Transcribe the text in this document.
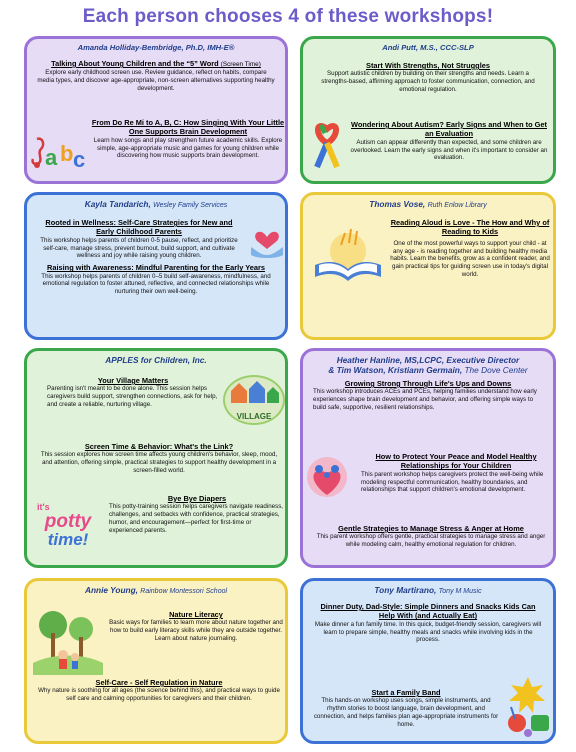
Each person chooses 4 of these workshops!
Amanda Holliday-Bembridge, Ph.D, IMH-E®
Talking About Young Children and the “5” Word (Screen Time)
Explore early childhood screen use. Review guidance, reflect on habits, compare media types, and discover age-appropriate, non-screen alternatives supporting healthy development.
From Do Re Mi to A, B, C: How Singing With Your Little One Supports Brain Development
Learn how songs and play strengthen future academic skills. Explore simple, age-appropriate music and games for young children while discovering how music supports brain development.
a b c
Andi Putt, M.S., CCC-SLP
Start With Strengths, Not Struggles
Support autistic children by building on their strengths and needs. Learn a strengths-based, affirming approach to foster communication, connection, and emotional regulation.
Wondering About Autism? Early Signs and When to Get an Evaluation
Autism can appear differently than expected, and some children are overlooked. Learn the early signs and when it's important to consider an evaluation.
Kayla Tandarich, Wesley Family Services
Rooted in Wellness: Self-Care Strategies for New and Early Childhood Parents
This workshop helps parents of children 0-5 pause, reflect, and prioritize self-care, manage stress, prevent burnout, build support, and cultivate wellness and joy while raising young children.
Raising with Awareness: Mindful Parenting for the Early Years
This workshop helps parents of children 0–5 build self-awareness, mindfulness, and emotional regulation to foster attuned, reflective, and connected relationships while nurturing their own well-being.
Thomas Vose, Ruth Enlow Library
Reading Aloud is Love - The How and Why of Reading to Kids
One of the most powerful ways to support your child - at any age - is reading together and building healthy media habits. Learn the benefits, grow as a confident reader, and gain practical tips for guiding screen use in today's digital world.
APPLES for Children, Inc.
Your Village Matters
Parenting isn't meant to be done alone. This session helps caregivers build support, strengthen connections, ask for help, and create a reliable, nurturing village.
VILLAGE
Screen Time & Behavior: What's the Link?
This session explores how screen time affects young children's behavior, sleep, mood, and attention, offering simple, practical strategies to support healthy development in a screen-filled world.
it's
potty
time!
Bye Bye Diapers
This potty-training session helps caregivers navigate readiness, challenges, and setbacks with confidence, practical strategies, humor, and encouragement—perfect for first-time or experienced parents.
Heather Hanline, MS,LCPC, Executive Director
& Tim Watson, Kristiann Germain, The Dove Center
Growing Strong Through Life's Ups and Downs
This workshop introduces ACEs and PCEs, helping families understand how early experiences shape brain development and behavior, and offering simple ways to build safe, supportive, resilient relationships.
How to Protect Your Peace and Model Healthy Relationships for Your Children
This parent workshop helps caregivers protect the well-being while modeling respectful communication, healthy boundaries, and relationships that support children's emotional development.
Gentle Strategies to Manage Stress & Anger at Home
This parent workshop offers gentle, practical strategies to manage stress and anger while modeling calm, healthy emotional regulation for children.
Annie Young, Rainbow Montessori School
Nature Literacy
Basic ways for families to learn more about nature together and how to build early literacy skills while they are outside together. Learn about nature journaling.
Self-Care - Self Regulation in Nature
Why nature is soothing for all ages (the science behind this), and practical ways to guide self care and calming opportunities for caregivers and their children.
Tony Martirano, Tony M Music
Dinner Duty, Dad-Style: Simple Dinners and Snacks Kids Can Help With (and Actually Eat)
Make dinner a fun family time. In this quick, budget-friendly session, caregivers will learn to prepare simple, healthy meals and snacks while involving kids in the process.
Start a Family Band
This hands-on workshop uses songs, simple instruments, and rhythm stories to boost language, brain development, and connection, and helps families plan age-appropriate instruments for home.
